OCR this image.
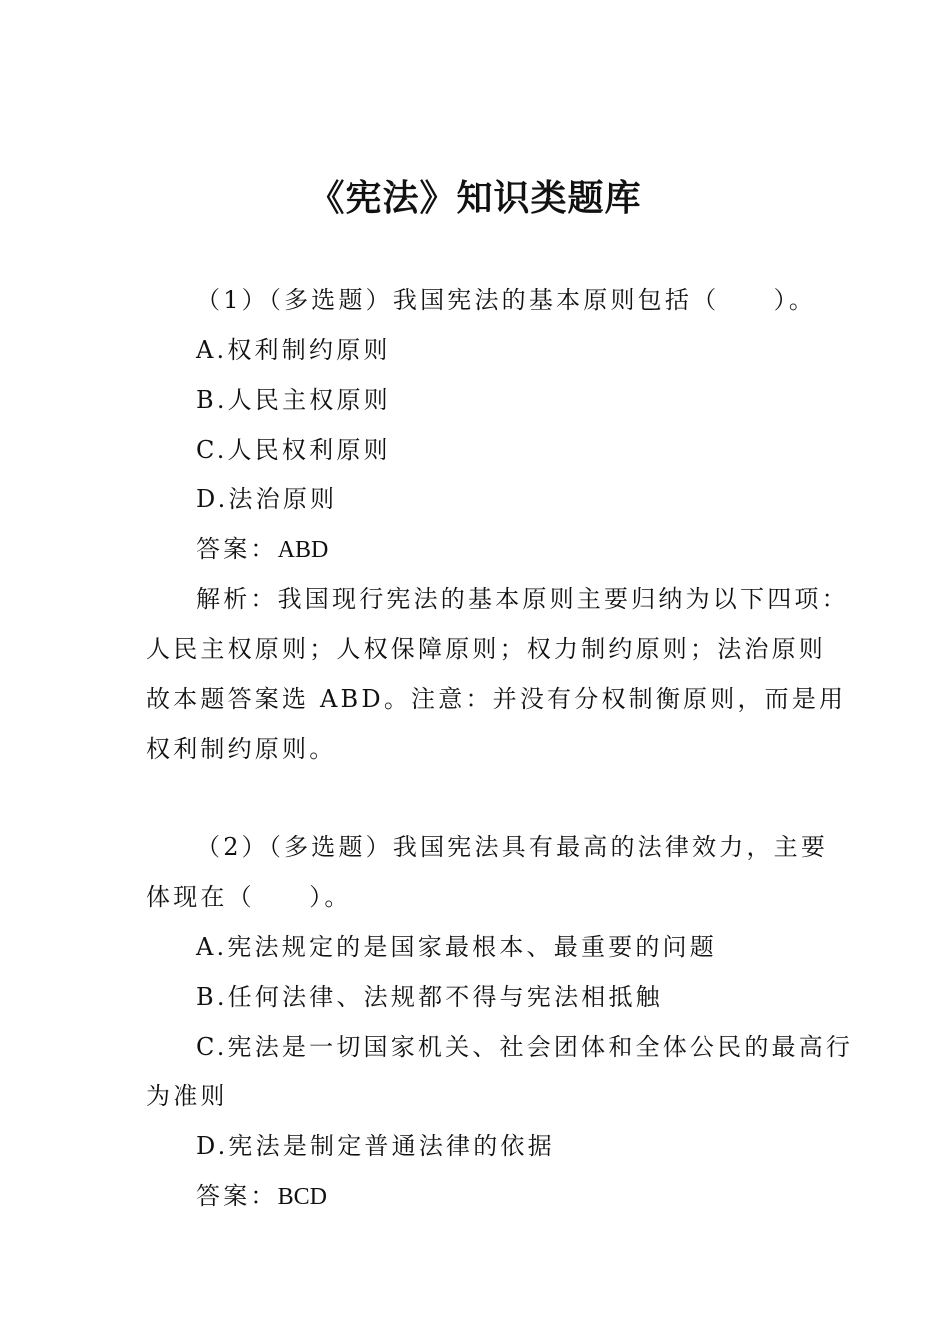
《宪法》知识类题库

（1）（多选题）我国宪法的基本原则包括（　　）。

A.权利制约原则

B.人民主权原则

C.人民权利原则

D.法治原则

答案：ABD

解析：我国现行宪法的基本原则主要归纳为以下四项：

人民主权原则；人权保障原则；权力制约原则；法治原则

故本题答案选 ABD。注意：并没有分权制衡原则，而是用

权利制约原则。

（2）（多选题）我国宪法具有最高的法律效力，主要

体现在（　　）。

A.宪法规定的是国家最根本、最重要的问题

B.任何法律、法规都不得与宪法相抵触

C.宪法是一切国家机关、社会团体和全体公民的最高行

为准则

D.宪法是制定普通法律的依据

答案：BCD
